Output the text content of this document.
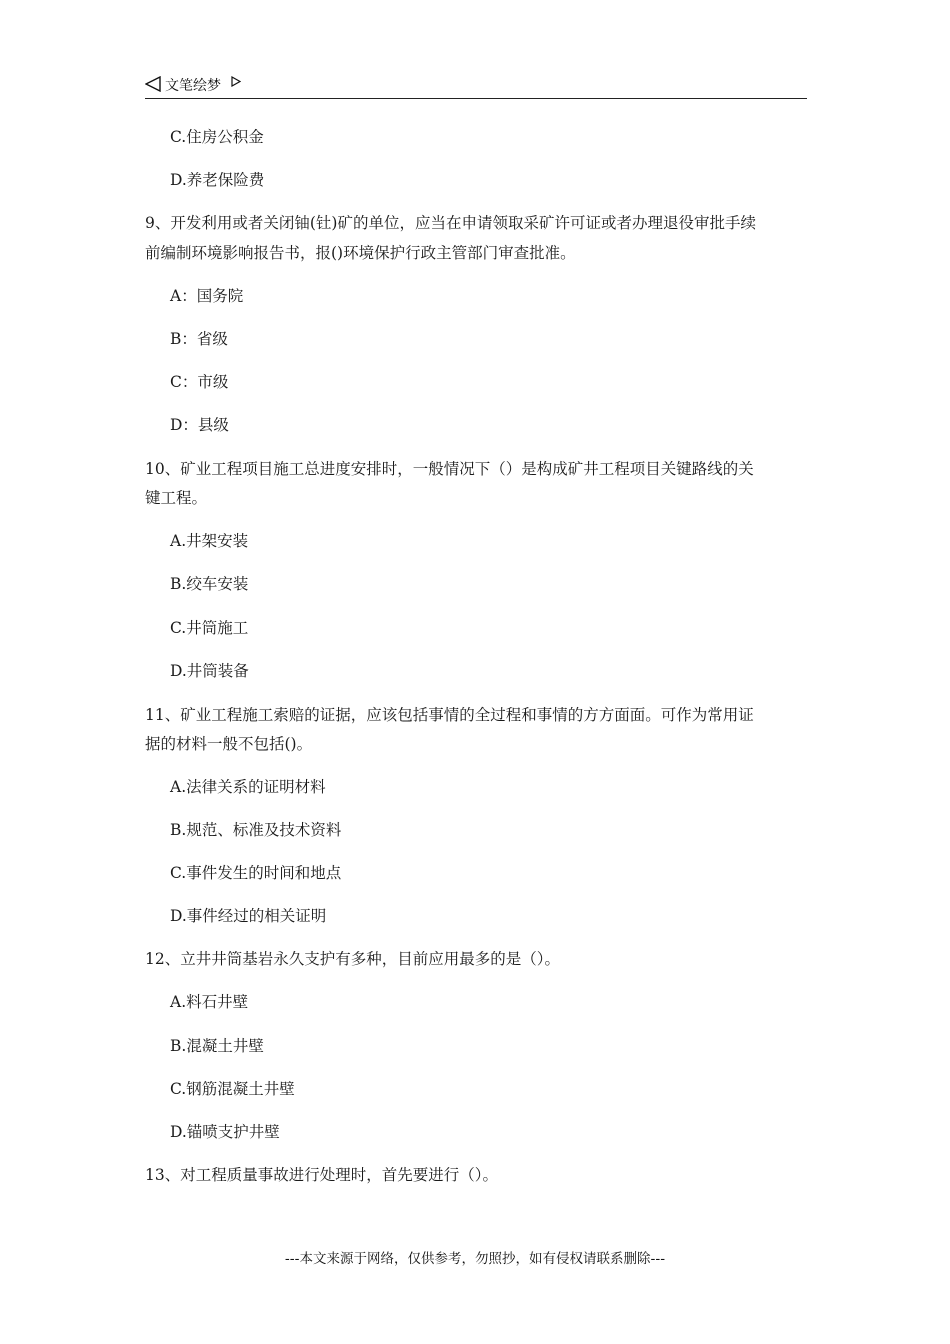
文笔绘梦
C.住房公积金
D.养老保险费
9、开发利用或者关闭铀(钍)矿的单位，应当在申请领取采矿许可证或者办理退役审批手续
前编制环境影响报告书，报()环境保护行政主管部门审查批准。
A：国务院
B：省级
C：市级
D：县级
10、矿业工程项目施工总进度安排时，一般情况下（）是构成矿井工程项目关键路线的关
键工程。
A.井架安装
B.绞车安装
C.井筒施工
D.井筒装备
11、矿业工程施工索赔的证据，应该包括事情的全过程和事情的方方面面。可作为常用证
据的材料一般不包括()。
A.法律关系的证明材料
B.规范、标准及技术资料
C.事件发生的时间和地点
D.事件经过的相关证明
12、立井井筒基岩永久支护有多种，目前应用最多的是（）。
A.料石井壁
B.混凝土井壁
C.钢筋混凝土井壁
D.锚喷支护井壁
13、对工程质量事故进行处理时，首先要进行（）。
---本文来源于网络，仅供参考，勿照抄，如有侵权请联系删除---
